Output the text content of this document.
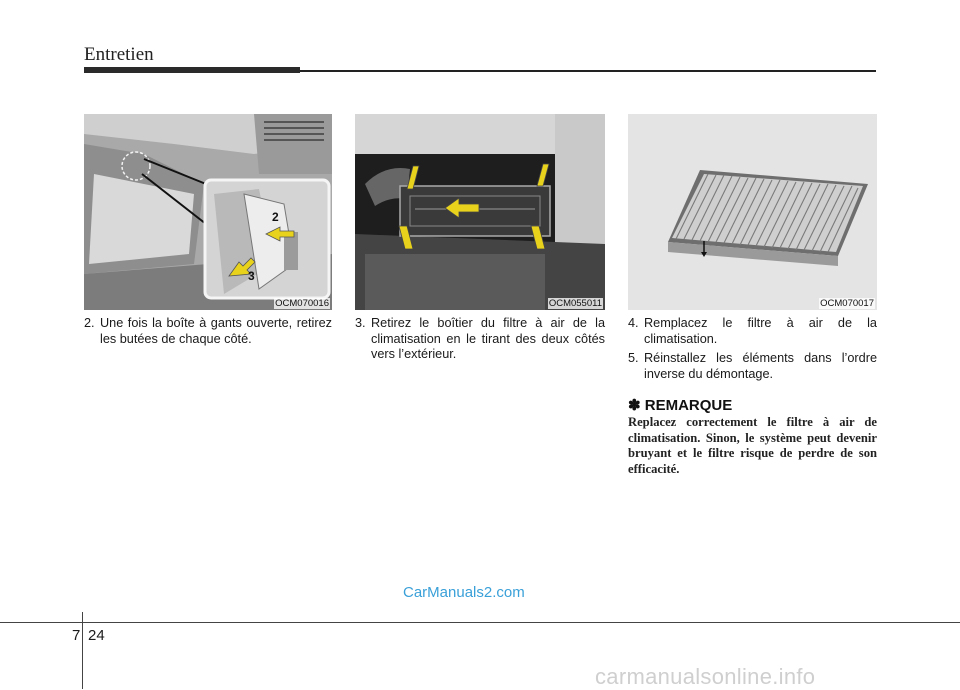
Entretien
2
3
OCM070016	OCM055011	OCM070017
2. Une fois la boîte à gants ouverte, retirez les butées de chaque côté.
3. Retirez le boîtier du filtre à air de la climatisation en le tirant des deux côtés vers l’extérieur.
4. Remplacez le filtre à air de la climatisation.
5. Réinstallez les éléments dans l’ordre inverse du démontage.
✽ REMARQUE
Replacez correctement le filtre à air de climatisation. Sinon, le système peut devenir bruyant et le filtre risque de perdre de son efficacité.
CarManuals2.com
7 24
carmanualsonline.info
